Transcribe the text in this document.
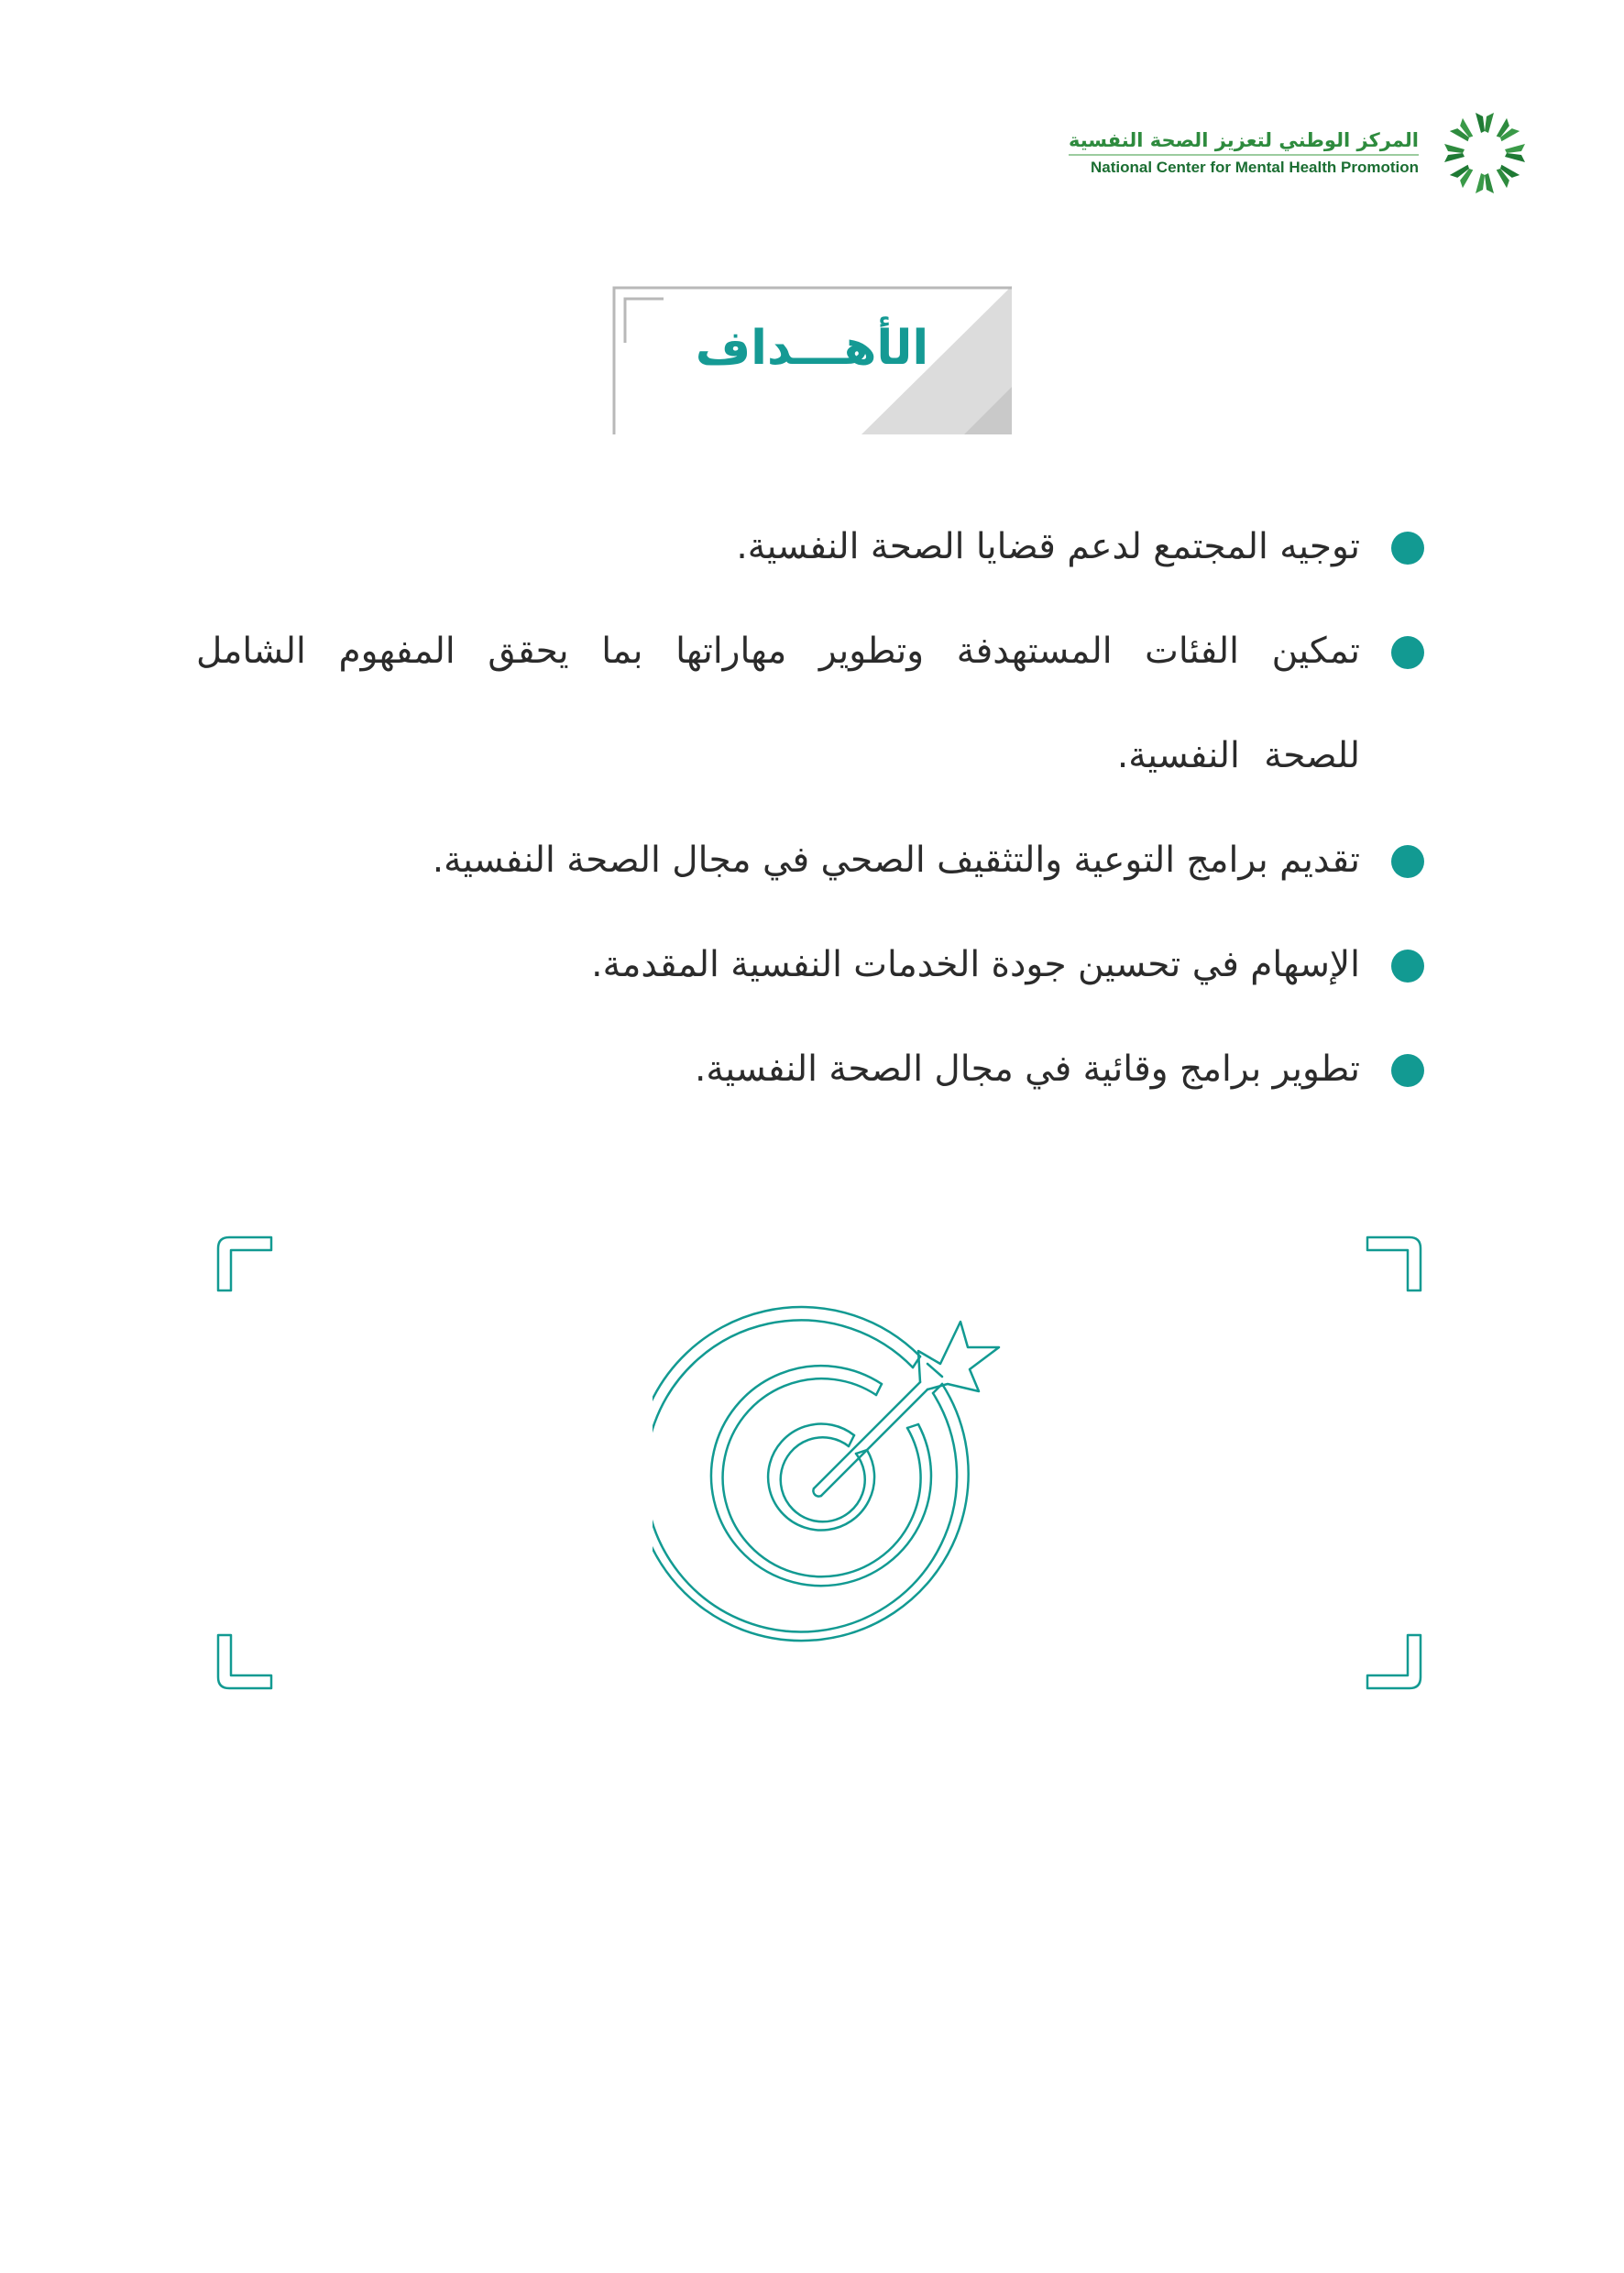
المركز الوطني لتعزيز الصحة النفسية
National Center for Mental Health Promotion
الأهـــداف
توجيه المجتمع لدعم قضايا الصحة النفسية.
تمكين الفئات المستهدفة وتطوير مهاراتها بما يحقق المفهوم الشامل للصحة النفسية.
تقديم برامج التوعية والتثقيف الصحي في مجال الصحة النفسية.
الإسهام في تحسين جودة الخدمات النفسية المقدمة.
تطوير برامج وقائية في مجال الصحة النفسية.
